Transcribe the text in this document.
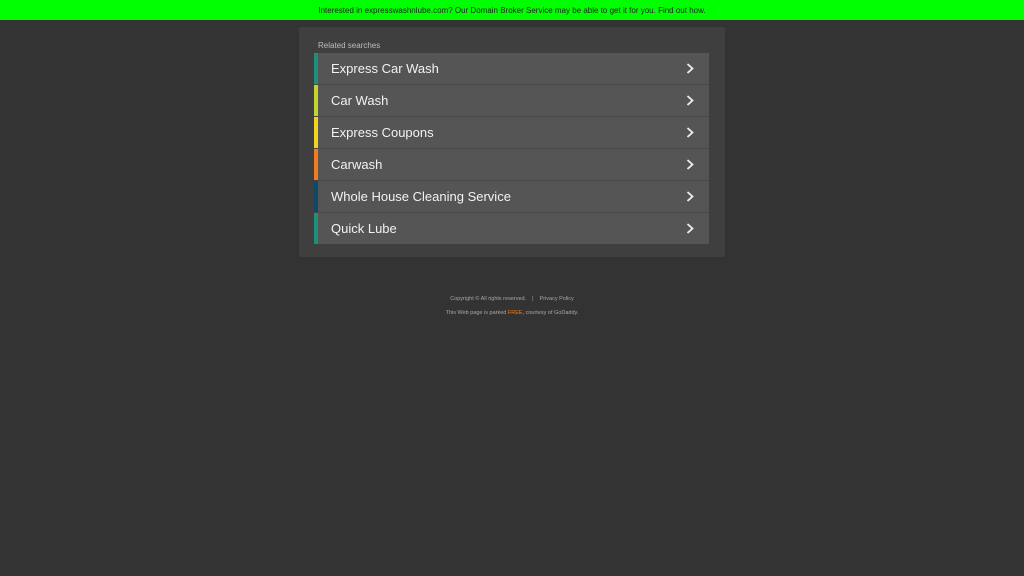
Interested in expresswashnlube.com? Our Domain Broker Service may be able to get it for you. Find out how.
Related searches
Express Car Wash
Car Wash
Express Coupons
Carwash
Whole House Cleaning Service
Quick Lube
Copyright © All rights reserved. | Privacy Policy
This Web page is parked FREE, courtesy of GoDaddy.
